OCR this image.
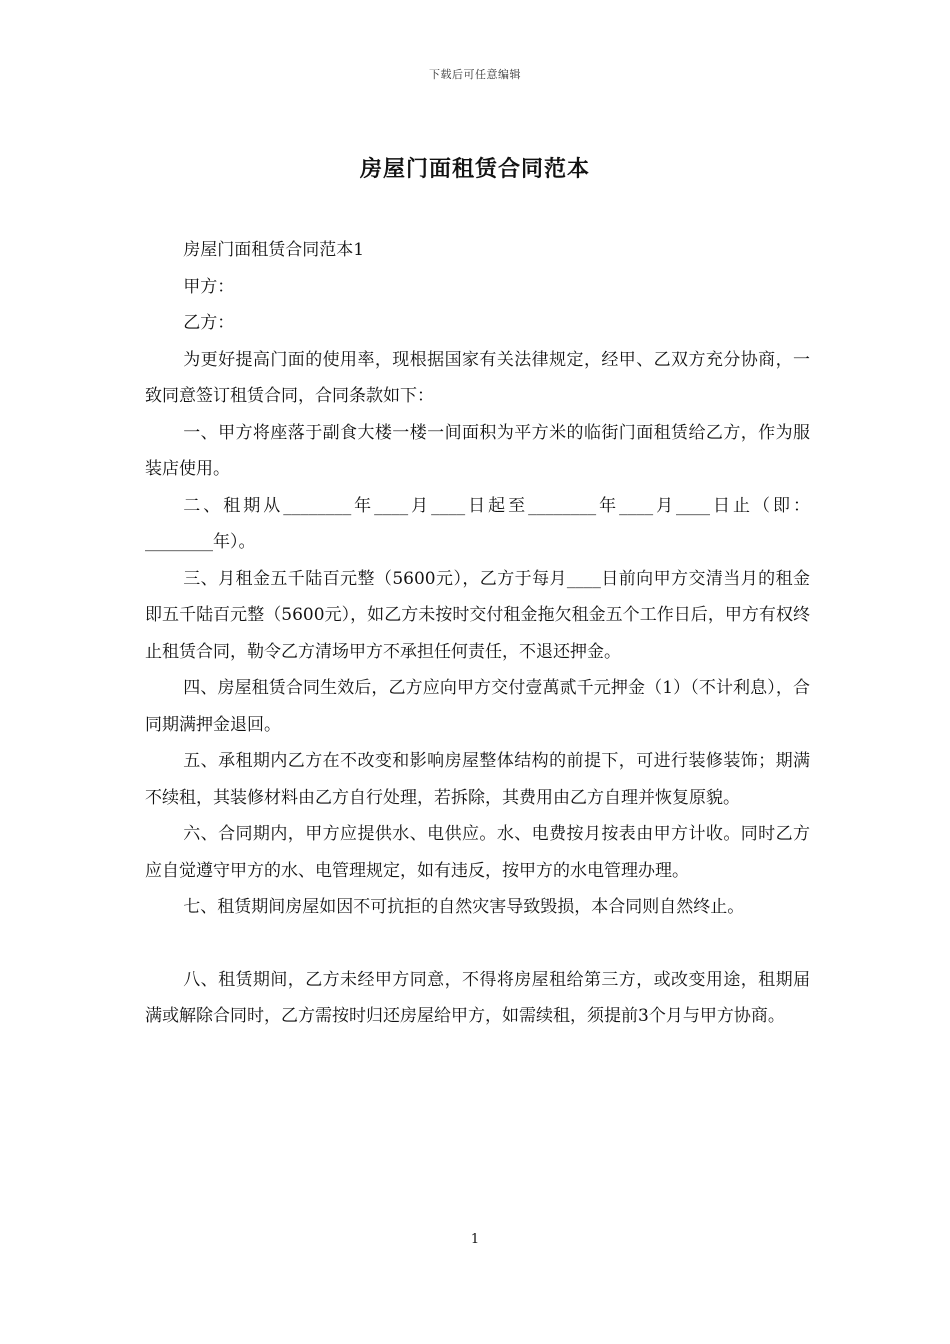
下载后可任意编辑
房屋门面租赁合同范本

房屋门面租赁合同范本1

甲方：

乙方：

为更好提高门面的使用率，现根据国家有关法律规定，经甲、乙双方充分协商，一致同意签订租赁合同，合同条款如下：

一、甲方将座落于副食大楼一楼一间面积为平方米的临街门面租赁给乙方，作为服装店使用。

二、租期从________年____月____日起至________年____月____日止（即：________年）。

三、月租金五千陆百元整（5600元），乙方于每月____日前向甲方交清当月的租金即五千陆百元整（5600元），如乙方未按时交付租金拖欠租金五个工作日后，甲方有权终止租赁合同，勒令乙方清场甲方不承担任何责任，不退还押金。

四、房屋租赁合同生效后，乙方应向甲方交付壹萬贰千元押金（1）（不计利息），合同期满押金退回。

五、承租期内乙方在不改变和影响房屋整体结构的前提下，可进行装修装饰；期满不续租，其装修材料由乙方自行处理，若拆除，其费用由乙方自理并恢复原貌。

六、合同期内，甲方应提供水、电供应。水、电费按月按表由甲方计收。同时乙方应自觉遵守甲方的水、电管理规定，如有违反，按甲方的水电管理办理。

七、租赁期间房屋如因不可抗拒的自然灾害导致毁损，本合同则自然终止。

八、租赁期间，乙方未经甲方同意，不得将房屋租给第三方，或改变用途，租期届满或解除合同时，乙方需按时归还房屋给甲方，如需续租，须提前3个月与甲方协商。

1
